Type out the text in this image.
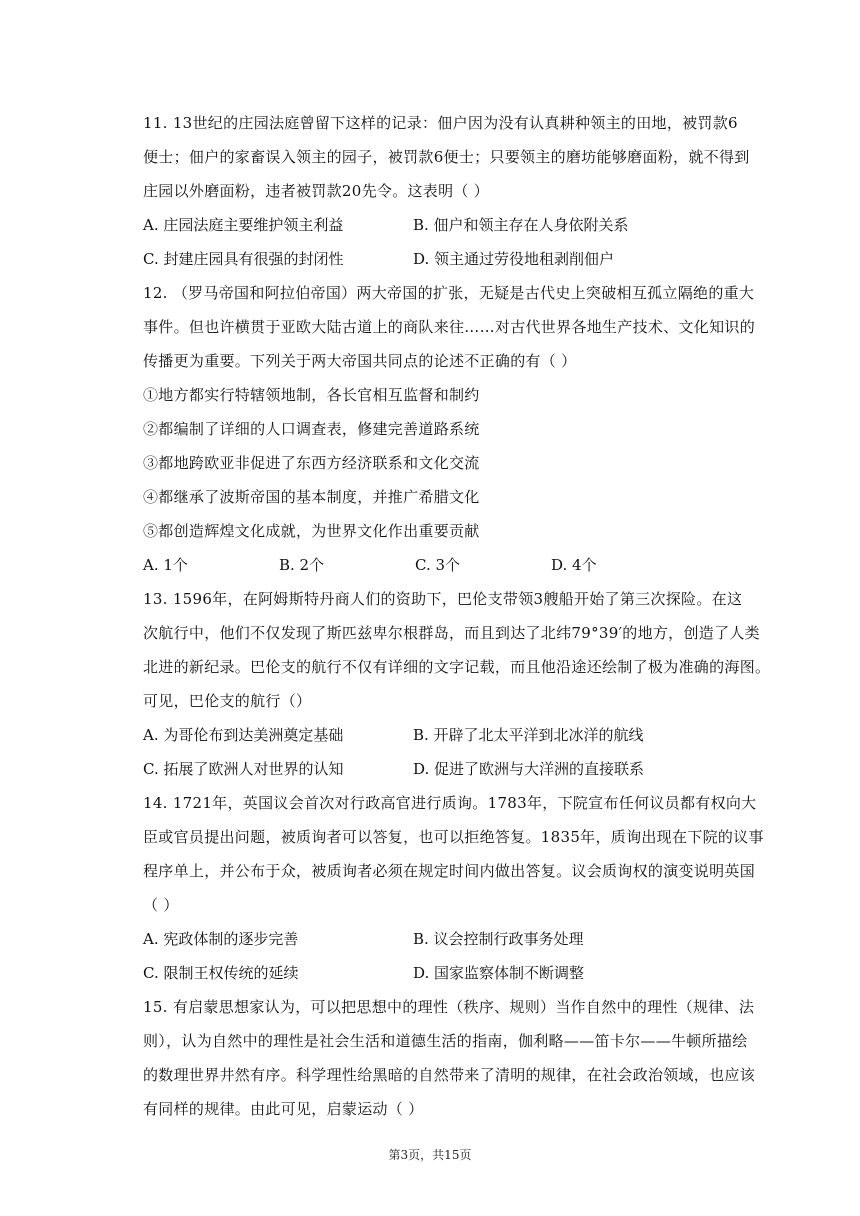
11. 13世纪的庄园法庭曾留下这样的记录：佃户因为没有认真耕种领主的田地，被罚款6
便士；佃户的家畜误入领主的园子，被罚款6便士；只要领主的磨坊能够磨面粉，就不得到
庄园以外磨面粉，违者被罚款20先令。这表明（ ）
A. 庄园法庭主要维护领主利益	B. 佃户和领主存在人身依附关系
C. 封建庄园具有很强的封闭性	D. 领主通过劳役地租剥削佃户
12. （罗马帝国和阿拉伯帝国）两大帝国的扩张，无疑是古代史上突破相互孤立隔绝的重大
事件。但也许横贯于亚欧大陆古道上的商队来往……对古代世界各地生产技术、文化知识的
传播更为重要。下列关于两大帝国共同点的论述不正确的有（ ）
①地方都实行特辖领地制，各长官相互监督和制约
②都编制了详细的人口调查表，修建完善道路系统
③都地跨欧亚非促进了东西方经济联系和文化交流
④都继承了波斯帝国的基本制度，并推广希腊文化
⑤都创造辉煌文化成就，为世界文化作出重要贡献
A. 1个	B. 2个	C. 3个	D. 4个
13. 1596年，在阿姆斯特丹商人们的资助下，巴伦支带领3艘船开始了第三次探险。在这
次航行中，他们不仅发现了斯匹兹卑尔根群岛，而且到达了北纬79°39′的地方，创造了人类
北进的新纪录。巴伦支的航行不仅有详细的文字记载，而且他沿途还绘制了极为准确的海图。
可见，巴伦支的航行（）
A. 为哥伦布到达美洲奠定基础	B. 开辟了北太平洋到北冰洋的航线
C. 拓展了欧洲人对世界的认知	D. 促进了欧洲与大洋洲的直接联系
14. 1721年，英国议会首次对行政高官进行质询。1783年，下院宣布任何议员都有权向大
臣或官员提出问题，被质询者可以答复，也可以拒绝答复。1835年，质询出现在下院的议事
程序单上，并公布于众，被质询者必须在规定时间内做出答复。议会质询权的演变说明英国
（ ）
A. 宪政体制的逐步完善	B. 议会控制行政事务处理
C. 限制王权传统的延续	D. 国家监察体制不断调整
15. 有启蒙思想家认为，可以把思想中的理性（秩序、规则）当作自然中的理性（规律、法
则），认为自然中的理性是社会生活和道德生活的指南，伽利略——笛卡尔——牛顿所描绘
的数理世界井然有序。科学理性给黑暗的自然带来了清明的规律，在社会政治领域，也应该
有同样的规律。由此可见，启蒙运动（ ）
第3页，共15页
